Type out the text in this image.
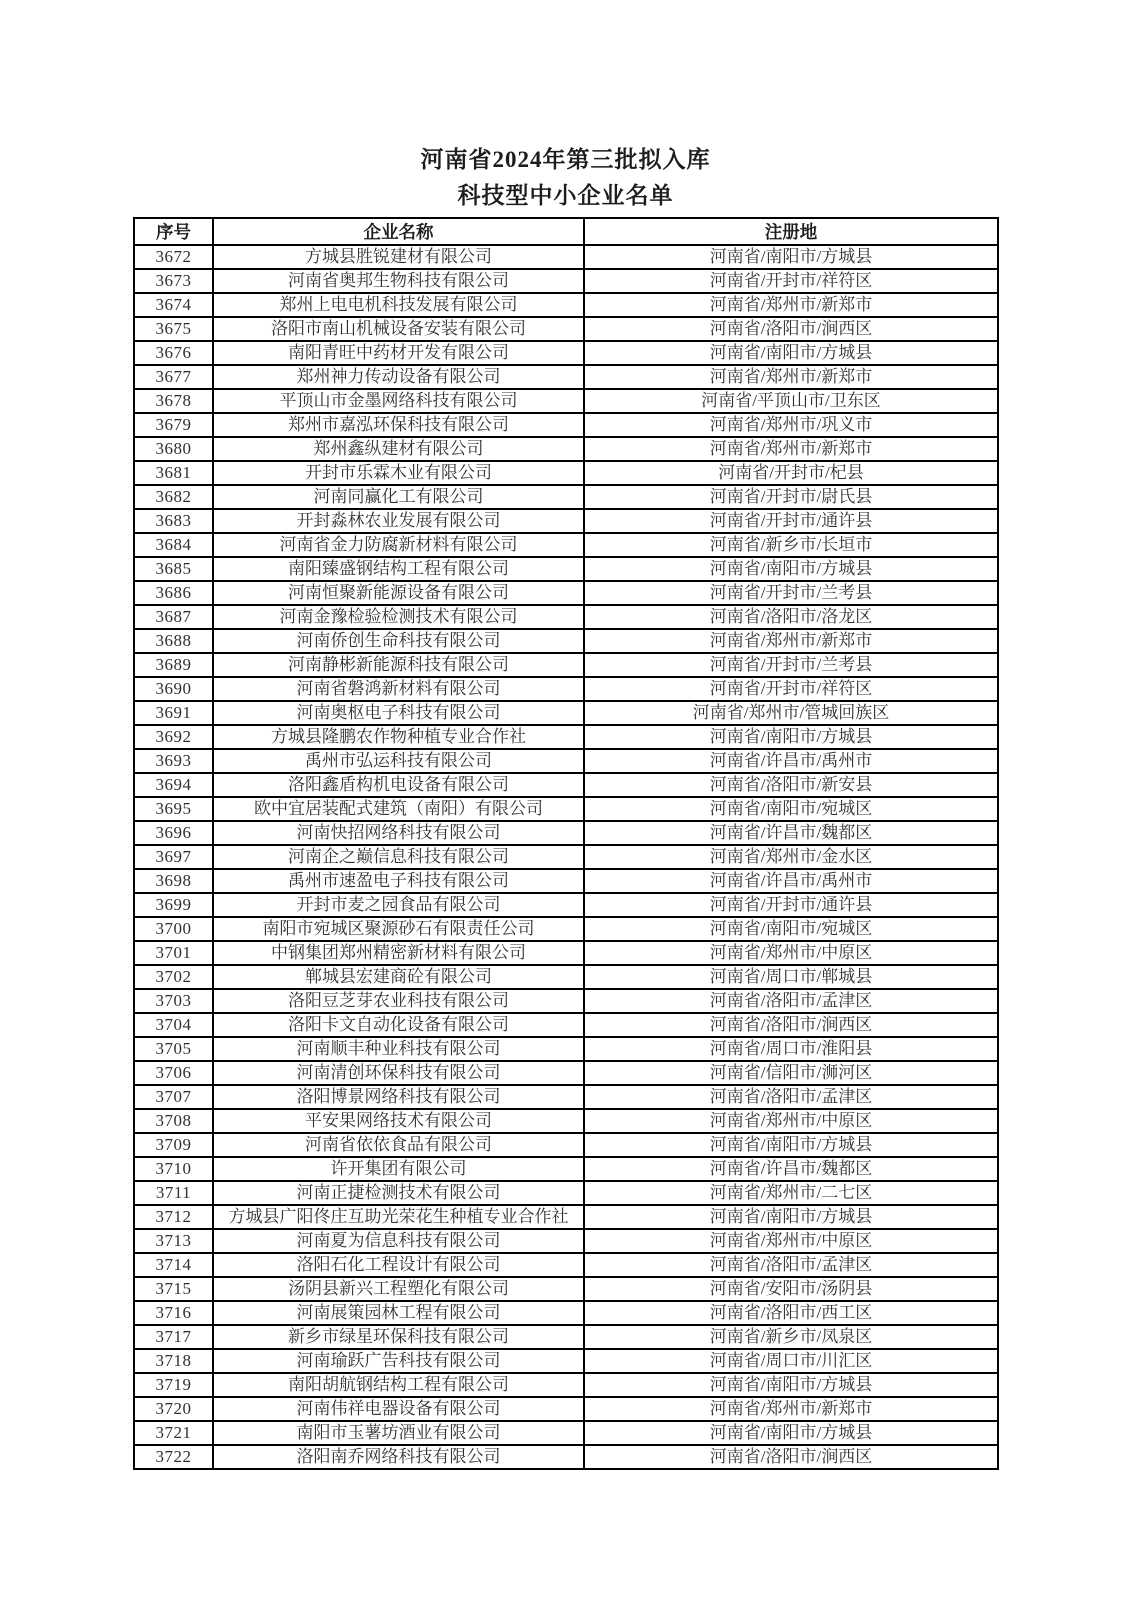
河南省2024年第三批拟入库
科技型中小企业名单
序号	企业名称	注册地

3672	方城县胜锐建材有限公司	河南省/南阳市/方城县

3673	河南省奥邦生物科技有限公司	河南省/开封市/祥符区

3674	郑州上电电机科技发展有限公司	河南省/郑州市/新郑市

3675	洛阳市南山机械设备安装有限公司	河南省/洛阳市/涧西区

3676	南阳青旺中药材开发有限公司	河南省/南阳市/方城县

3677	郑州神力传动设备有限公司	河南省/郑州市/新郑市

3678	平顶山市金墨网络科技有限公司	河南省/平顶山市/卫东区

3679	郑州市嘉泓环保科技有限公司	河南省/郑州市/巩义市

3680	郑州鑫纵建材有限公司	河南省/郑州市/新郑市

3681	开封市乐霖木业有限公司	河南省/开封市/杞县

3682	河南同赢化工有限公司	河南省/开封市/尉氏县

3683	开封淼林农业发展有限公司	河南省/开封市/通许县

3684	河南省金力防腐新材料有限公司	河南省/新乡市/长垣市

3685	南阳臻盛钢结构工程有限公司	河南省/南阳市/方城县

3686	河南恒聚新能源设备有限公司	河南省/开封市/兰考县

3687	河南金豫检验检测技术有限公司	河南省/洛阳市/洛龙区

3688	河南侨创生命科技有限公司	河南省/郑州市/新郑市

3689	河南静彬新能源科技有限公司	河南省/开封市/兰考县

3690	河南省磐鸿新材料有限公司	河南省/开封市/祥符区

3691	河南奥枢电子科技有限公司	河南省/郑州市/管城回族区

3692	方城县隆鹏农作物种植专业合作社	河南省/南阳市/方城县

3693	禹州市弘运科技有限公司	河南省/许昌市/禹州市

3694	洛阳鑫盾构机电设备有限公司	河南省/洛阳市/新安县

3695	欧中宜居装配式建筑（南阳）有限公司	河南省/南阳市/宛城区

3696	河南快招网络科技有限公司	河南省/许昌市/魏都区

3697	河南企之巅信息科技有限公司	河南省/郑州市/金水区

3698	禹州市速盈电子科技有限公司	河南省/许昌市/禹州市

3699	开封市麦之园食品有限公司	河南省/开封市/通许县

3700	南阳市宛城区聚源砂石有限责任公司	河南省/南阳市/宛城区

3701	中钢集团郑州精密新材料有限公司	河南省/郑州市/中原区

3702	郸城县宏建商砼有限公司	河南省/周口市/郸城县

3703	洛阳豆芝芽农业科技有限公司	河南省/洛阳市/孟津区

3704	洛阳卡文自动化设备有限公司	河南省/洛阳市/涧西区

3705	河南顺丰种业科技有限公司	河南省/周口市/淮阳县

3706	河南清创环保科技有限公司	河南省/信阳市/浉河区

3707	洛阳博景网络科技有限公司	河南省/洛阳市/孟津区

3708	平安果网络技术有限公司	河南省/郑州市/中原区

3709	河南省依依食品有限公司	河南省/南阳市/方城县

3710	许开集团有限公司	河南省/许昌市/魏都区

3711	河南正捷检测技术有限公司	河南省/郑州市/二七区

3712	方城县广阳佟庄互助光荣花生种植专业合作社	河南省/南阳市/方城县

3713	河南夏为信息科技有限公司	河南省/郑州市/中原区

3714	洛阳石化工程设计有限公司	河南省/洛阳市/孟津区

3715	汤阴县新兴工程塑化有限公司	河南省/安阳市/汤阴县

3716	河南展策园林工程有限公司	河南省/洛阳市/西工区

3717	新乡市绿星环保科技有限公司	河南省/新乡市/凤泉区

3718	河南瑜跃广告科技有限公司	河南省/周口市/川汇区

3719	南阳胡航钢结构工程有限公司	河南省/南阳市/方城县

3720	河南伟祥电器设备有限公司	河南省/郑州市/新郑市

3721	南阳市玉薯坊酒业有限公司	河南省/南阳市/方城县

3722	洛阳南乔网络科技有限公司	河南省/洛阳市/涧西区
